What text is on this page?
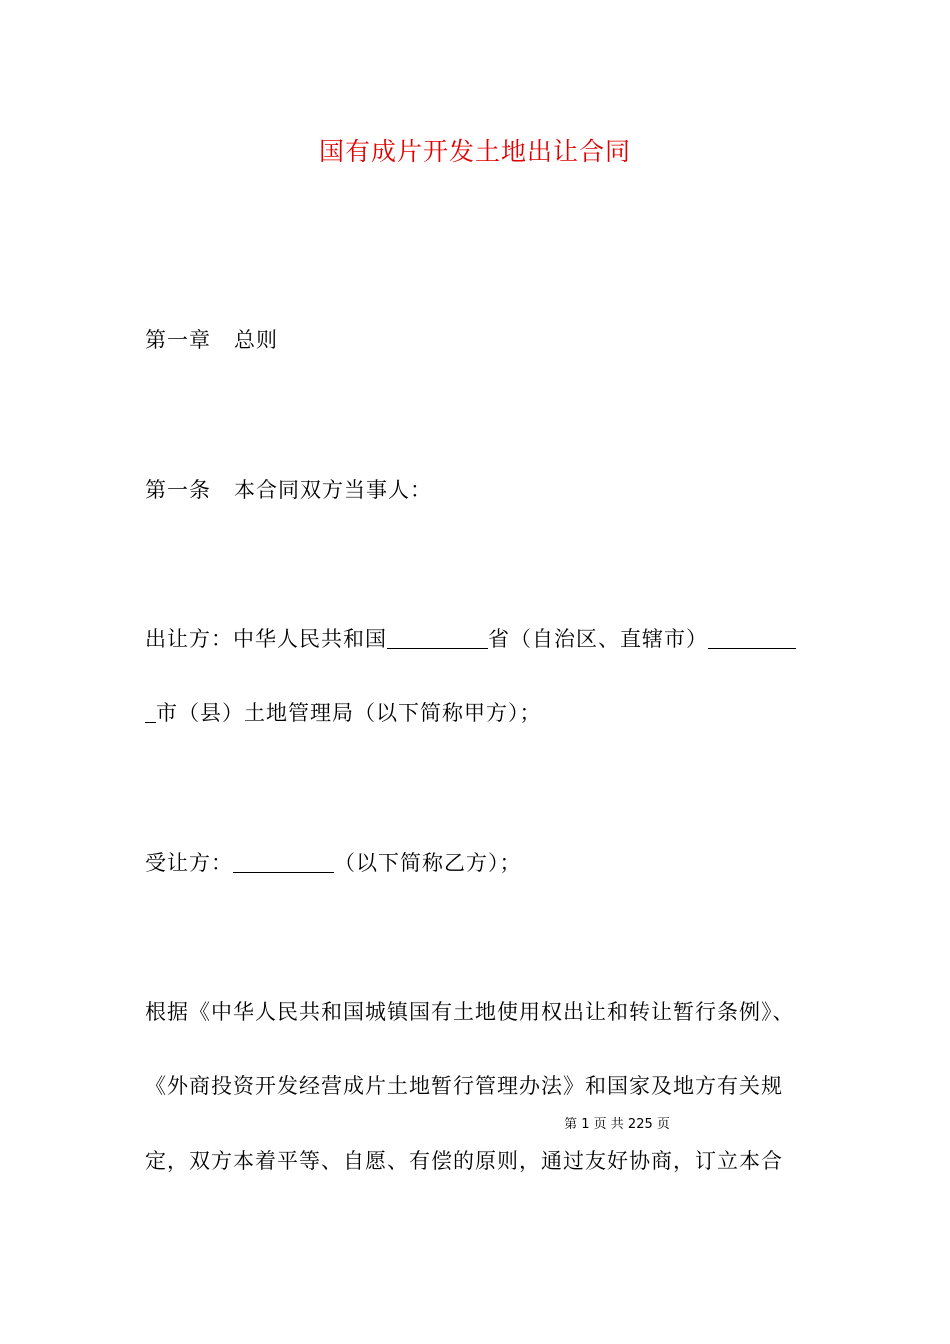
国有成片开发土地出让合同
第一章 总则
第一条 本合同双方当事人：
出让方：中华人民共和国	省（自治区、直辖市）
市（县）土地管理局（以下简称甲方）；
受让方：	（以下简称乙方）；
根据《中华人民共和国城镇国有土地使用权出让和转让暂行条例》、
《外商投资开发经营成片土地暂行管理办法》和国家及地方有关规
第 1 页 共 225 页
定，双方本着平等、自愿、有偿的原则，通过友好协商，订立本合
